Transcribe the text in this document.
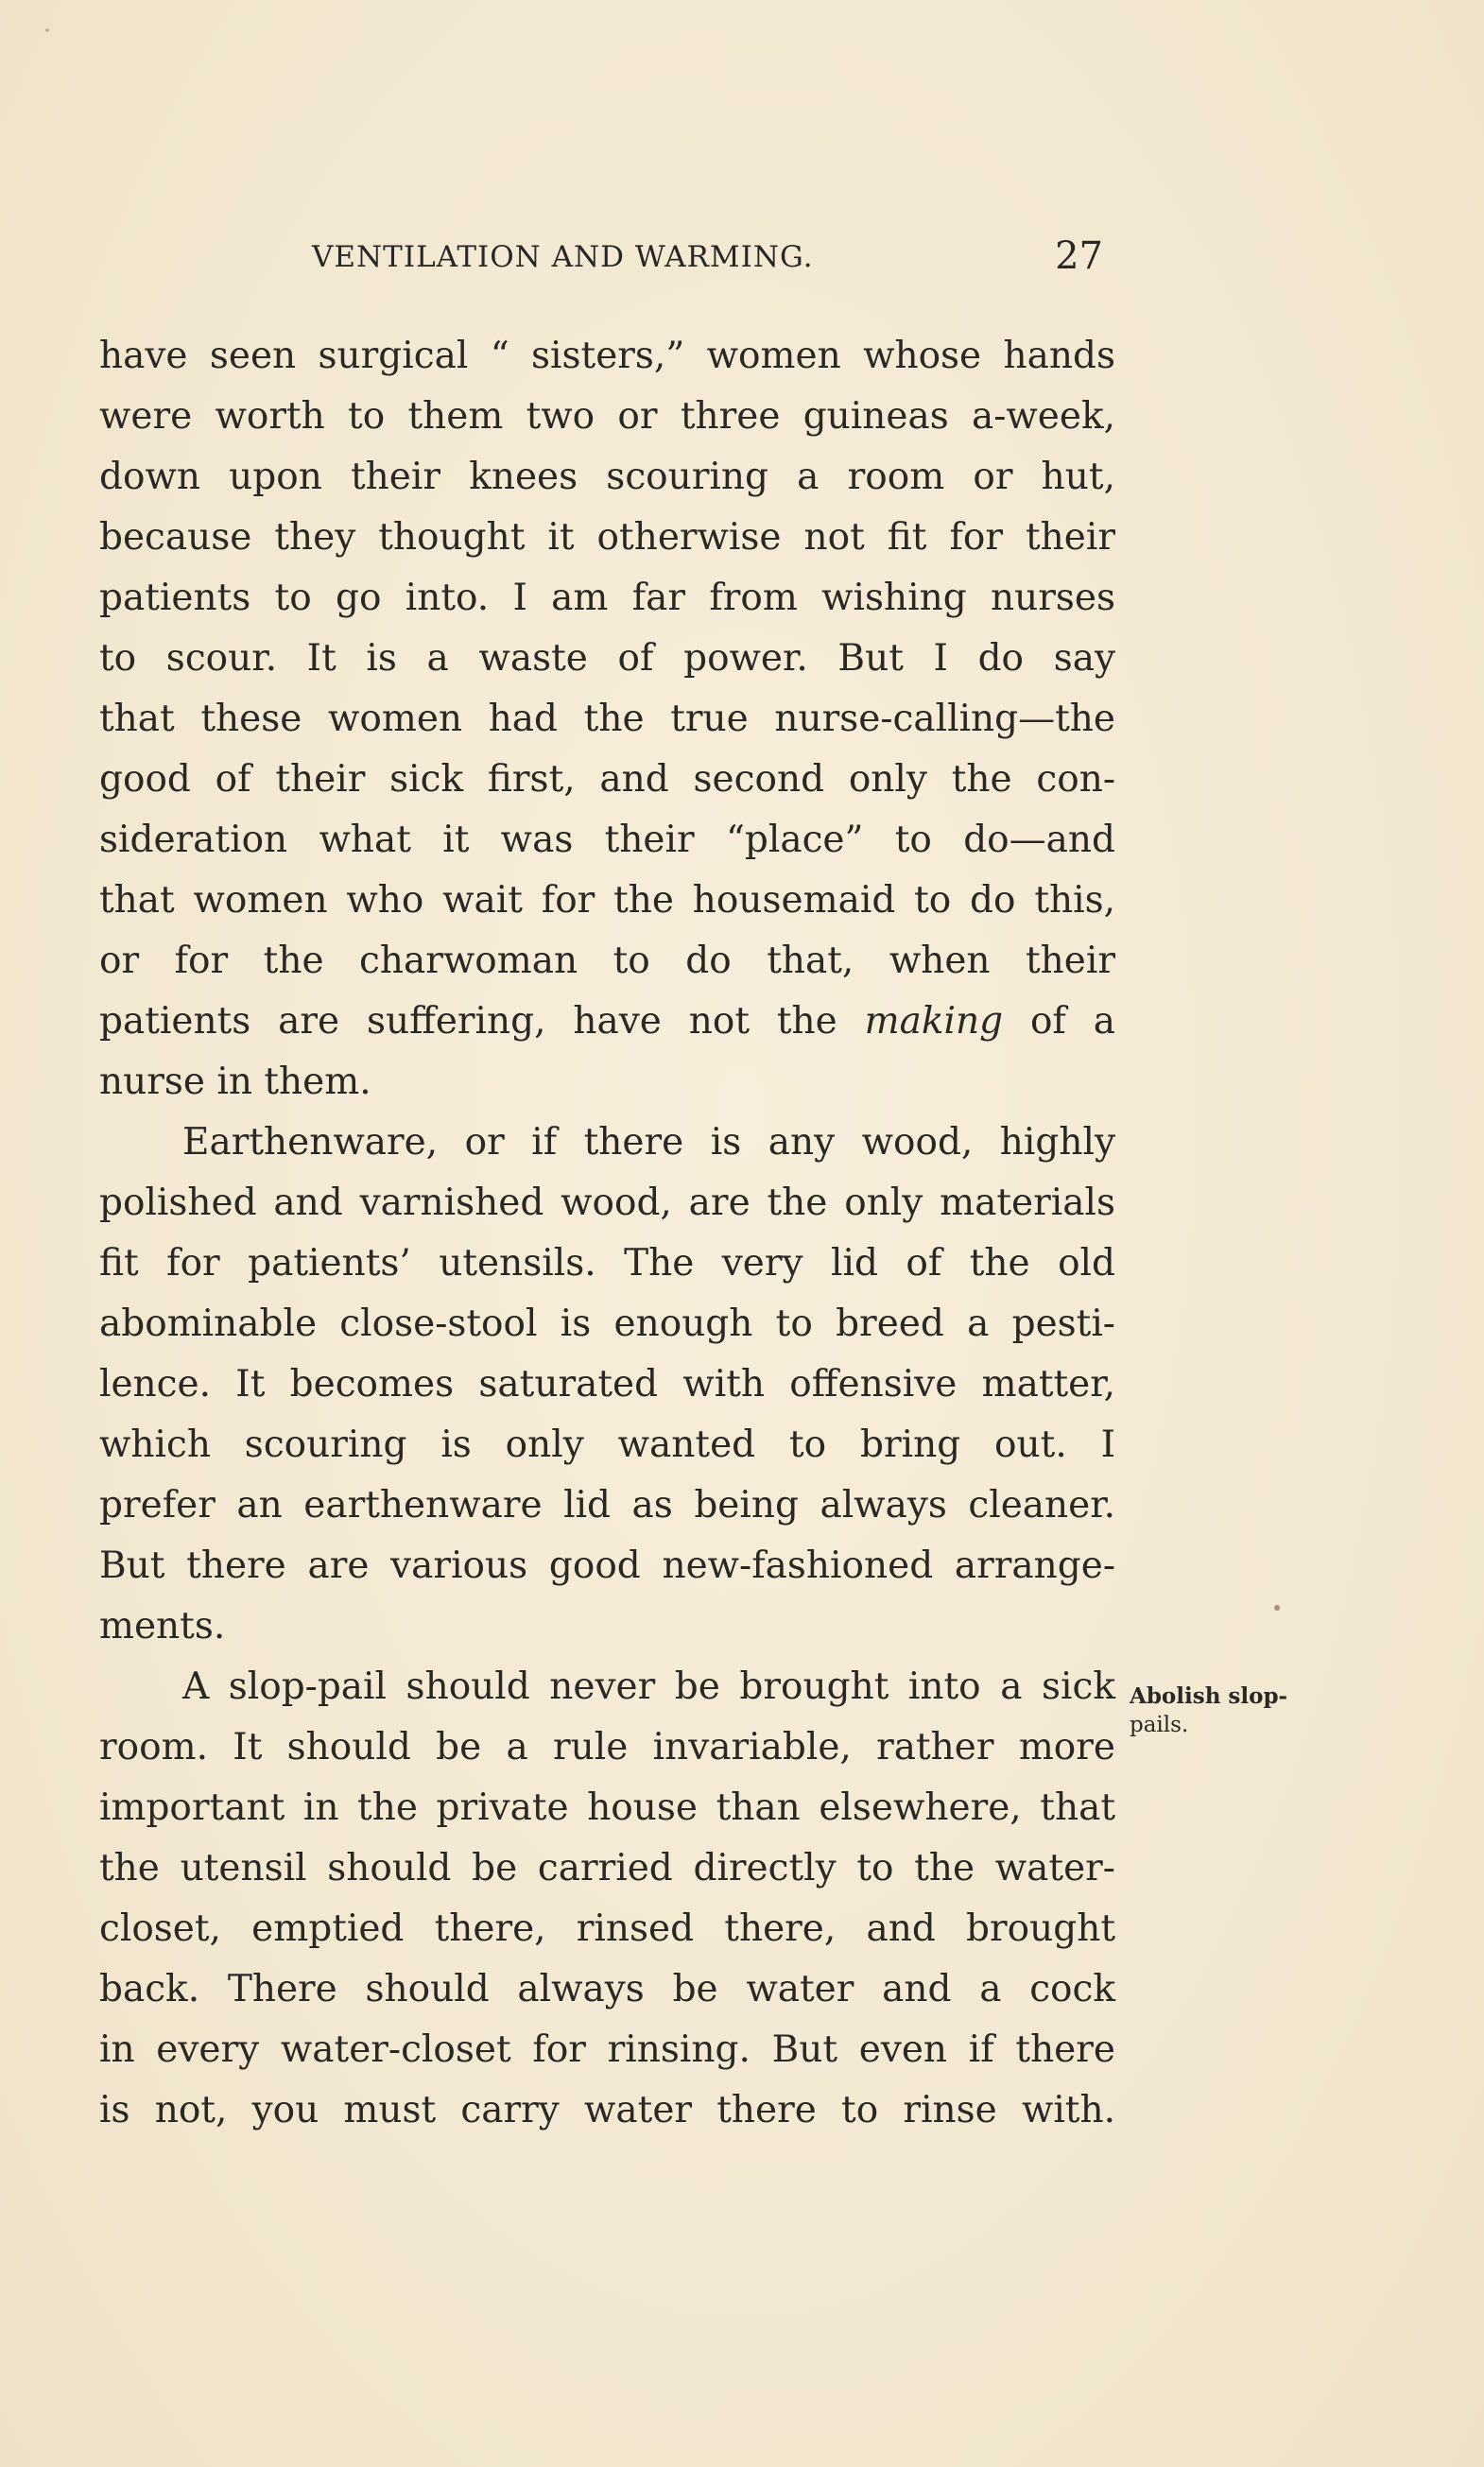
VENTILATION AND WARMING.	27
have seen surgical “ sisters,” women whose hands
were worth to them two or three guineas a-week,
down upon their knees scouring a room or hut,
because they thought it otherwise not fit for their
patients to go into. I am far from wishing nurses
to scour. It is a waste of power. But I do say
that these women had the true nurse-calling—the
good of their sick first, and second only the con-
sideration what it was their “place” to do—and
that women who wait for the housemaid to do this,
or for the charwoman to do that, when their
patients are suffering, have not the making of a
nurse in them.
Earthenware, or if there is any wood, highly
polished and varnished wood, are the only materials
fit for patients’ utensils. The very lid of the old
abominable close-stool is enough to breed a pesti-
lence. It becomes saturated with offensive matter,
which scouring is only wanted to bring out. I
prefer an earthenware lid as being always cleaner.
But there are various good new-fashioned arrange-
ments.
A slop-pail should never be brought into a sick
room. It should be a rule invariable, rather more
important in the private house than elsewhere, that
the utensil should be carried directly to the water-
closet, emptied there, rinsed there, and brought
back. There should always be water and a cock
in every water-closet for rinsing. But even if there
is not, you must carry water there to rinse with.
Abolish slop-
pails.
